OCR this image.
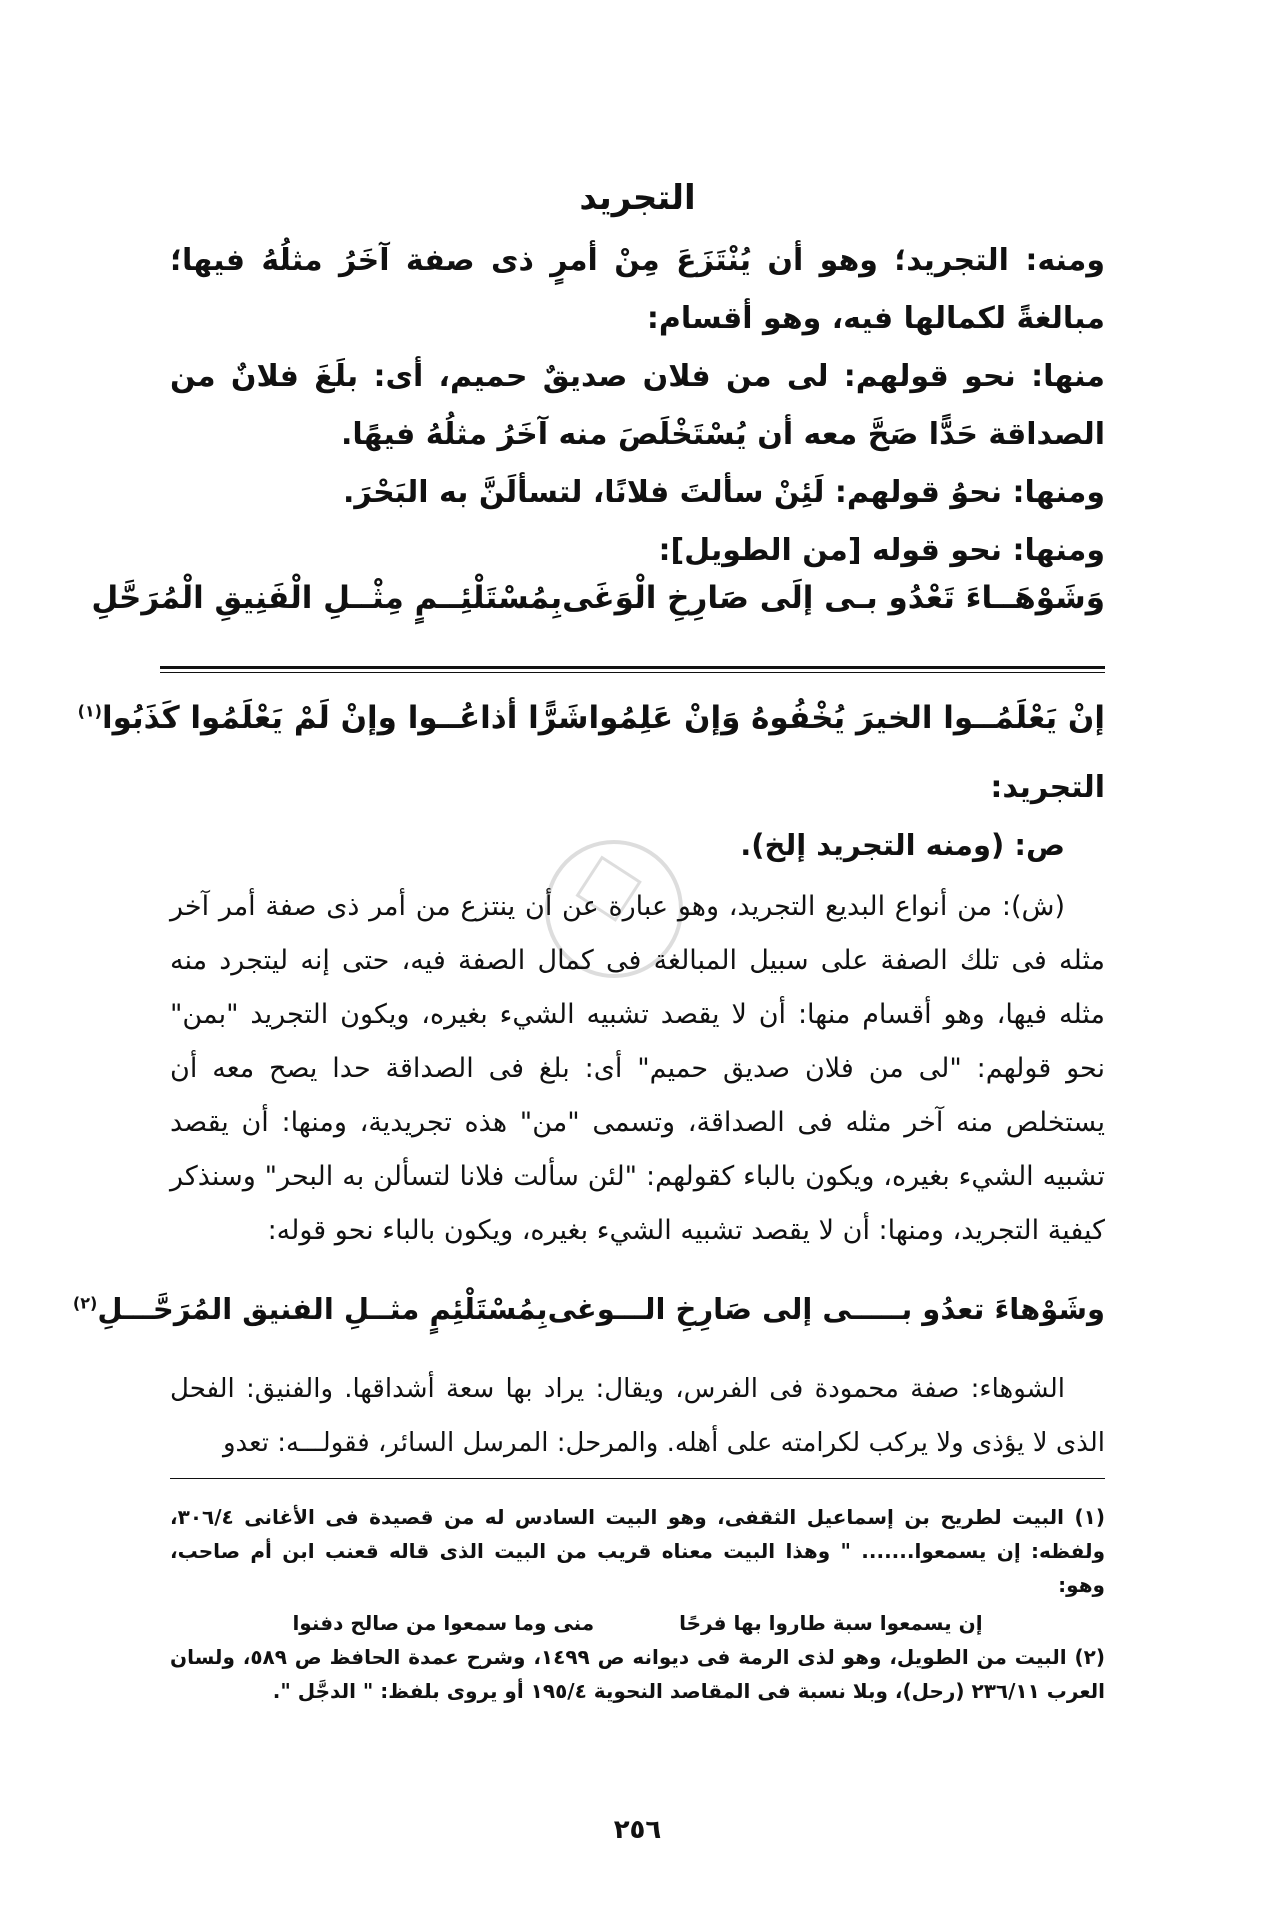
التجريد

ومنه: التجريد؛ وهو أن يُنْتَزَعَ مِنْ أمرٍ ذى صفة آخَرُ مثلُهُ فيها؛ مبالغةً لكمالها فيه، وهو أقسام:

منها: نحو قولهم: لى من فلان صديقٌ حميم، أى: بلَغَ فلانٌ من الصداقة حَدًّا صَحَّ معه أن يُسْتَخْلَصَ منه آخَرُ مثلُهُ فيهًا.

ومنها: نحوُ قولهم: لَئِنْ سألتَ فلانًا، لتسألَنَّ به البَحْرَ.

ومنها: نحو قوله [من الطويل]:

وَشَوْهَــاءَ تَعْدُو بـى إلَى صَارِخِ الْوَغَى
بِمُسْتَلْئِــمٍ مِثْــلِ الْفَنِيقِ الْمُرَحَّلِ
إنْ يَعْلَمُــوا الخيرَ يُخْفُوهُ وَإنْ عَلِمُوا
شَرًّا أذاعُــوا وإنْ لَمْ يَعْلَمُوا كَذَبُوا$^{(١)}$
التجريد:
ص: (ومنه التجريد إلخ).

(ش): من أنواع البديع التجريد، وهو عبارة عن أن ينتزع من أمر ذى صفة أمر آخر مثله فى تلك الصفة على سبيل المبالغة فى كمال الصفة فيه، حتى إنه ليتجرد منه مثله فيها، وهو أقسام منها: أن لا يقصد تشبيه الشيء بغيره، ويكون التجريد "بمن" نحو قولهم: "لى من فلان صديق حميم" أى: بلغ فى الصداقة حدا يصح معه أن يستخلص منه آخر مثله فى الصداقة، وتسمى "من" هذه تجريدية، ومنها: أن يقصد تشبيه الشيء بغيره، ويكون بالباء كقولهم: "لئن سألت فلانا لتسألن به البحر" وسنذكر كيفية التجريد، ومنها: أن لا يقصد تشبيه الشيء بغيره، ويكون بالباء نحو قوله:

وشَوْهاءَ تعدُو بـــــى إلى صَارِخِ الـــوغى
بِمُسْتَلْئِمٍ مثــلِ الفنيق المُرَحَّـــلِ$^{(٢)}$

الشوهاء: صفة محمودة فى الفرس، ويقال: يراد بها سعة أشداقها. والفنيق: الفحل الذى لا يؤذى ولا يركب لكرامته على أهله. والمرحل: المرسل السائر، فقولـــه: تعدو

(١) البيت لطريح بن إسماعيل الثقفى، وهو البيت السادس له من قصيدة فى الأغانى ٣٠٦/٤، ولفظه: إن يسمعوا....... " وهذا البيت معناه قريب من البيت الذى قاله قعنب ابن أم صاحب، وهو:

إن يسمعوا سبة طاروا بها فرحًا
منى وما سمعوا من صالح دفنوا

(٢) البيت من الطويل، وهو لذى الرمة فى ديوانه ص ١٤٩٩، وشرح عمدة الحافظ ص ٥٨٩، ولسان العرب ٢٣٦/١١ (رحل)، وبلا نسبة فى المقاصد النحوية ١٩٥/٤ أو يروى بلفظ: " الدجَّل ".

٢٥٦
